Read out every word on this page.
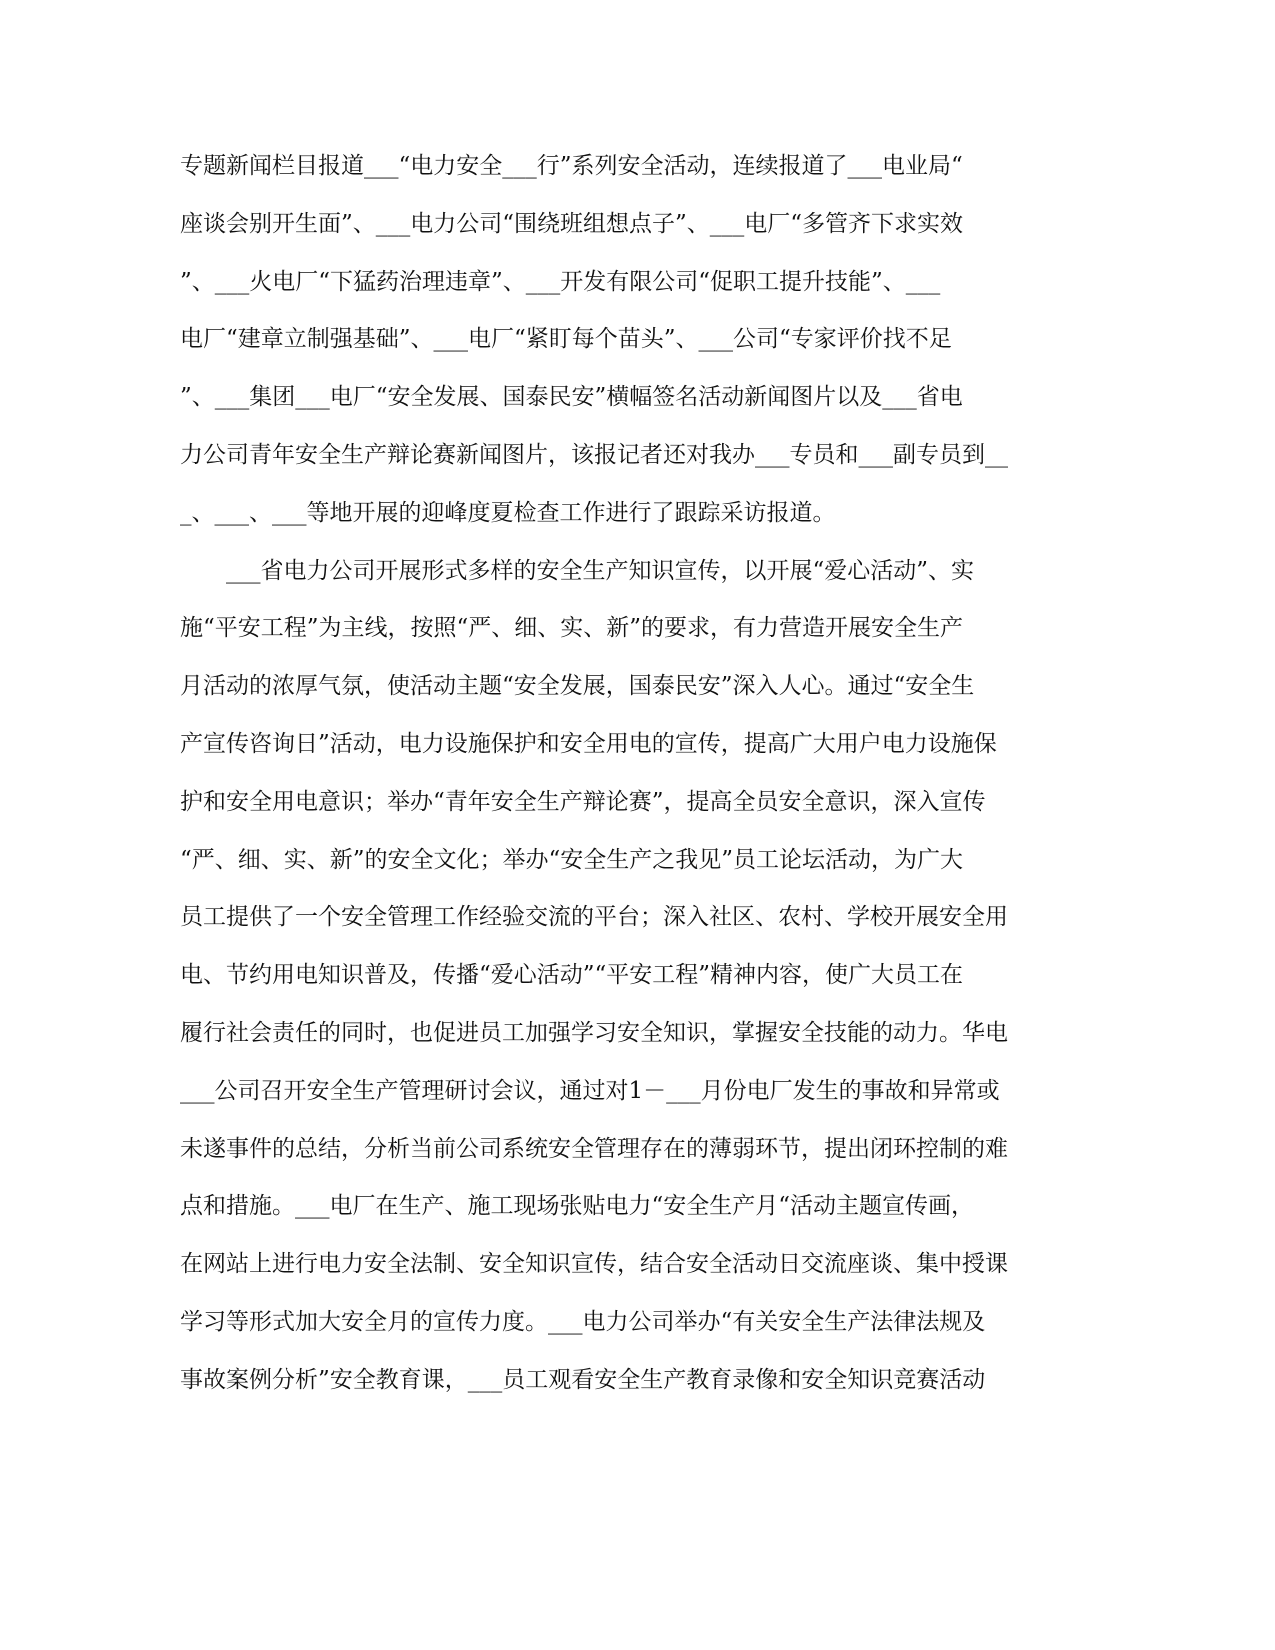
专题新闻栏目报道___“电力安全___行”系列安全活动，连续报道了___电业局“
座谈会别开生面”、___电力公司“围绕班组想点子”、___电厂“多管齐下求实效
”、___火电厂“下猛药治理违章”、___开发有限公司“促职工提升技能”、___
电厂“建章立制强基础”、___电厂“紧盯每个苗头”、___公司“专家评价找不足
”、___集团___电厂“安全发展、国泰民安”横幅签名活动新闻图片以及___省电
力公司青年安全生产辩论赛新闻图片，该报记者还对我办___专员和___副专员到__
_、___、___等地开展的迎峰度夏检查工作进行了跟踪采访报道。
___省电力公司开展形式多样的安全生产知识宣传，以开展“爱心活动”、实
施“平安工程”为主线，按照“严、细、实、新”的要求，有力营造开展安全生产
月活动的浓厚气氛，使活动主题“安全发展，国泰民安”深入人心。通过“安全生
产宣传咨询日”活动，电力设施保护和安全用电的宣传，提高广大用户电力设施保
护和安全用电意识；举办“青年安全生产辩论赛”，提高全员安全意识，深入宣传
“严、细、实、新”的安全文化；举办“安全生产之我见”员工论坛活动，为广大
员工提供了一个安全管理工作经验交流的平台；深入社区、农村、学校开展安全用
电、节约用电知识普及，传播“爱心活动”“平安工程”精神内容，使广大员工在
履行社会责任的同时，也促进员工加强学习安全知识，掌握安全技能的动力。华电
___公司召开安全生产管理研讨会议，通过对1－___月份电厂发生的事故和异常或
未遂事件的总结，分析当前公司系统安全管理存在的薄弱环节，提出闭环控制的难
点和措施。___电厂在生产、施工现场张贴电力“安全生产月“活动主题宣传画，
在网站上进行电力安全法制、安全知识宣传，结合安全活动日交流座谈、集中授课
学习等形式加大安全月的宣传力度。___电力公司举办“有关安全生产法律法规及
事故案例分析”安全教育课，___员工观看安全生产教育录像和安全知识竞赛活动
